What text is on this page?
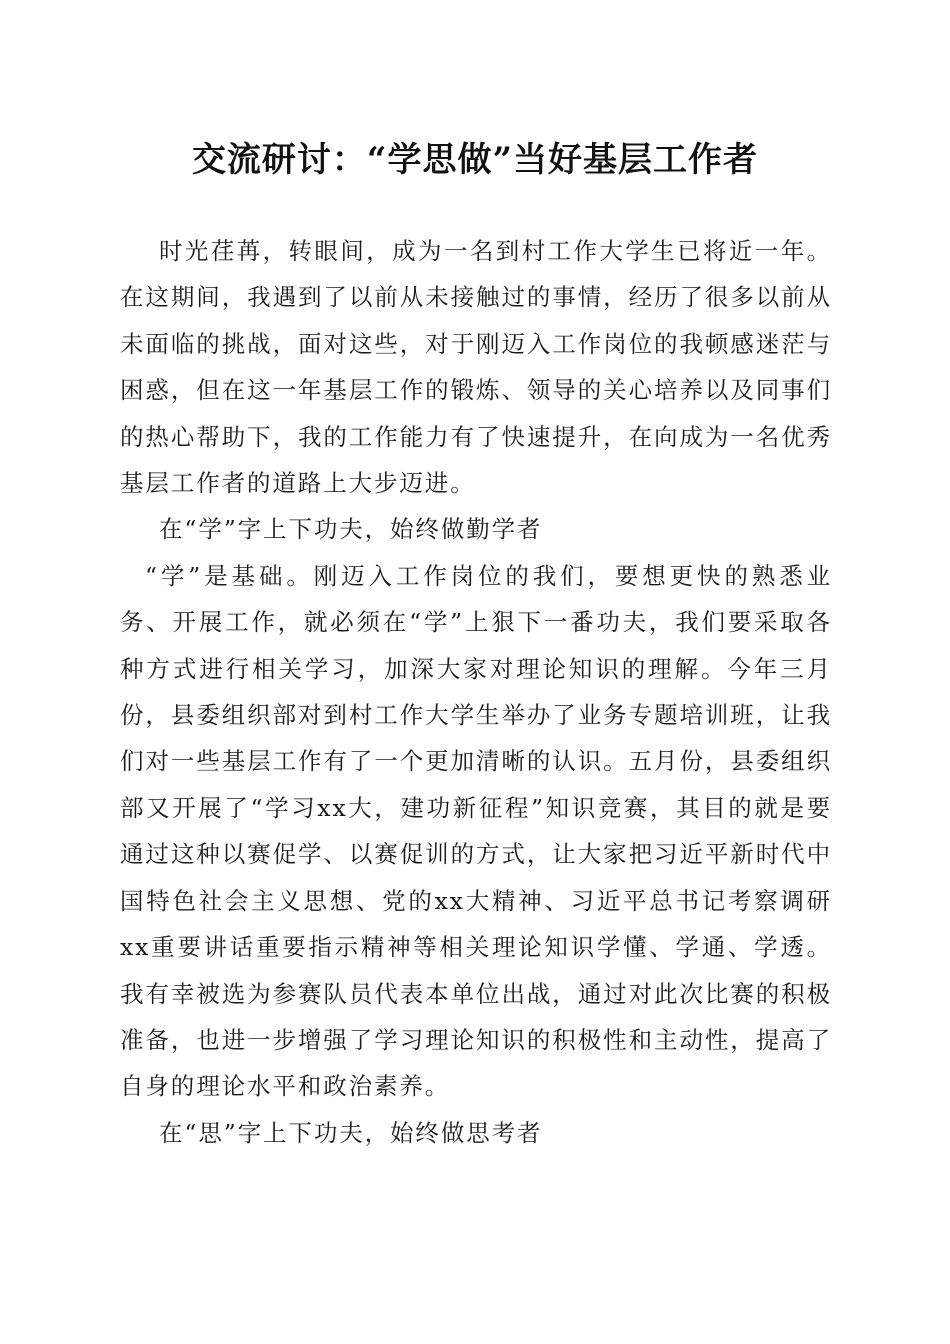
交流研讨：“学思做”当好基层工作者

时光荏苒，转眼间，成为一名到村工作大学生已将近一年。在这期间，我遇到了以前从未接触过的事情，经历了很多以前从未面临的挑战，面对这些，对于刚迈入工作岗位的我顿感迷茫与困惑，但在这一年基层工作的锻炼、领导的关心培养以及同事们的热心帮助下，我的工作能力有了快速提升，在向成为一名优秀基层工作者的道路上大步迈进。

在“学”字上下功夫，始终做勤学者

“学”是基础。刚迈入工作岗位的我们，要想更快的熟悉业务、开展工作，就必须在“学”上狠下一番功夫，我们要采取各种方式进行相关学习，加深大家对理论知识的理解。今年三月份，县委组织部对到村工作大学生举办了业务专题培训班，让我们对一些基层工作有了一个更加清晰的认识。五月份，县委组织部又开展了“学习xx大，建功新征程”知识竞赛，其目的就是要通过这种以赛促学、以赛促训的方式，让大家把习近平新时代中国特色社会主义思想、党的xx大精神、习近平总书记考察调研xx重要讲话重要指示精神等相关理论知识学懂、学通、学透。我有幸被选为参赛队员代表本单位出战，通过对此次比赛的积极准备，也进一步增强了学习理论知识的积极性和主动性，提高了自身的理论水平和政治素养。

在“思”字上下功夫，始终做思考者
